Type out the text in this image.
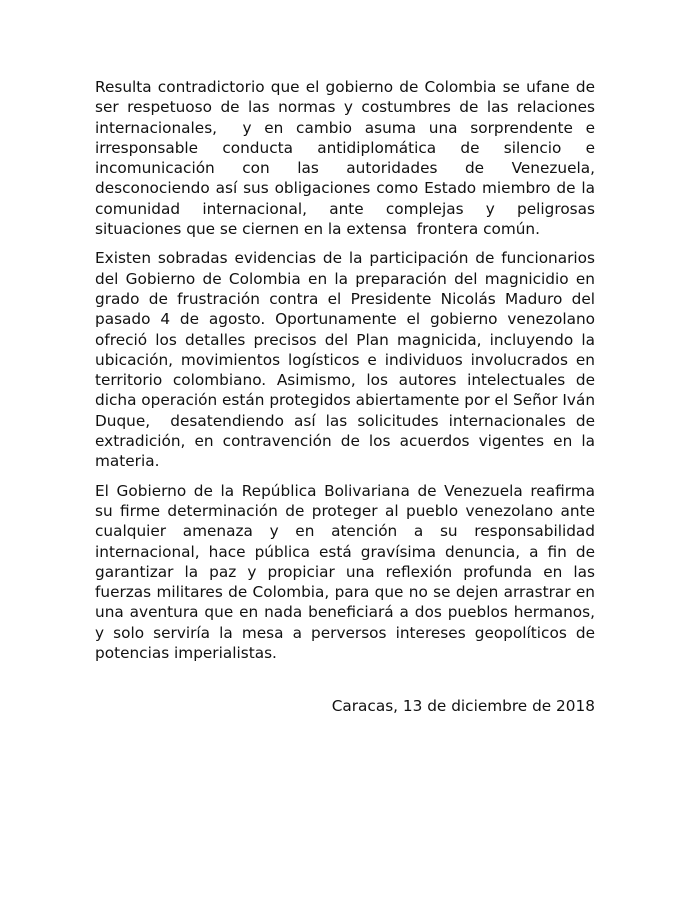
Resulta contradictorio que el gobierno de Colombia se ufane de ser respetuoso de las normas y costumbres de las relaciones internacionales,  y en cambio asuma una sorprendente e irresponsable conducta antidiplomática de silencio e incomunicación con las autoridades de Venezuela, desconociendo así sus obligaciones como Estado miembro de la comunidad internacional, ante complejas y peligrosas situaciones que se ciernen en la extensa  frontera común.

Existen sobradas evidencias de la participación de funcionarios del Gobierno de Colombia en la preparación del magnicidio en grado de frustración contra el Presidente Nicolás Maduro del pasado 4 de agosto. Oportunamente el gobierno venezolano ofreció los detalles precisos del Plan magnicida, incluyendo la ubicación, movimientos logísticos e individuos involucrados en territorio colombiano. Asimismo, los autores intelectuales de dicha operación están protegidos abiertamente por el Señor Iván Duque,  desatendiendo así las solicitudes internacionales de extradición, en contravención de los acuerdos vigentes en la materia.

El Gobierno de la República Bolivariana de Venezuela reafirma su firme determinación de proteger al pueblo venezolano ante cualquier amenaza y en atención a su responsabilidad internacional, hace pública está gravísima denuncia, a fin de garantizar la paz y propiciar una reflexión profunda en las fuerzas militares de Colombia, para que no se dejen arrastrar en una aventura que en nada beneficiará a dos pueblos hermanos, y solo serviría la mesa a perversos intereses geopolíticos de potencias imperialistas.

Caracas, 13 de diciembre de 2018
